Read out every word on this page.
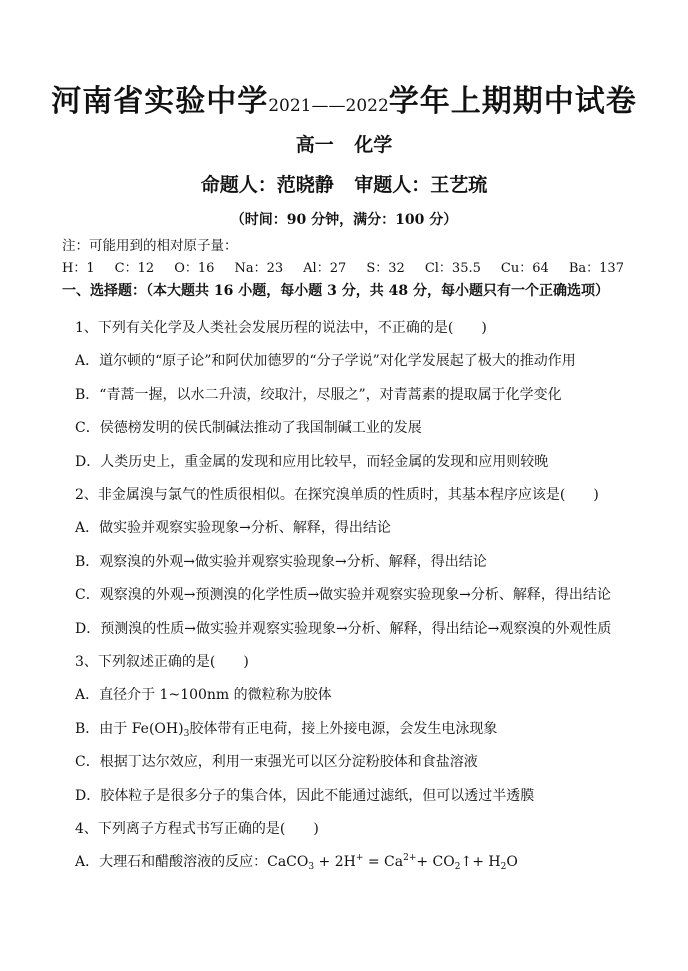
河南省实验中学2021——2022学年上期期中试卷
高一 化学
命题人：范晓静 审题人：王艺琉
（时间：90 分钟，满分：100 分）
注：可能用到的相对原子量：
H：1 C：12 O：16 Na：23 Al：27 S：32 Cl：35.5 Cu：64 Ba：137
一、选择题：（本大题共 16 小题，每小题 3 分，共 48 分，每小题只有一个正确选项）
1、下列有关化学及人类社会发展历程的说法中，不正确的是(　　)
A．道尔顿的“原子论”和阿伏加德罗的“分子学说”对化学发展起了极大的推动作用
B．“青蒿一握，以水二升渍，绞取汁，尽服之”，对青蒿素的提取属于化学变化
C．侯德榜发明的侯氏制碱法推动了我国制碱工业的发展
D．人类历史上，重金属的发现和应用比较早，而轻金属的发现和应用则较晚
2、非金属溴与氯气的性质很相似。在探究溴单质的性质时，其基本程序应该是(　　)
A．做实验并观察实验现象→分析、解释，得出结论
B．观察溴的外观→做实验并观察实验现象→分析、解释，得出结论
C．观察溴的外观→预测溴的化学性质→做实验并观察实验现象→分析、解释，得出结论
D．预测溴的性质→做实验并观察实验现象→分析、解释，得出结论→观察溴的外观性质
3、下列叙述正确的是(　　)
A．直径介于 1~100nm 的微粒称为胶体
B．由于 $Fe(OH)_3$胶体带有正电荷，接上外接电源，会发生电泳现象
C．根据丁达尔效应，利用一束强光可以区分淀粉胶体和食盐溶液
D．胶体粒子是很多分子的集合体，因此不能通过滤纸，但可以透过半透膜
4、下列离子方程式书写正确的是(　　)
A．大理石和醋酸溶液的反应：CaCO$_3$ + $2H^+ = Ca^{2+}+$ $CO_2↑+ H_2O$
